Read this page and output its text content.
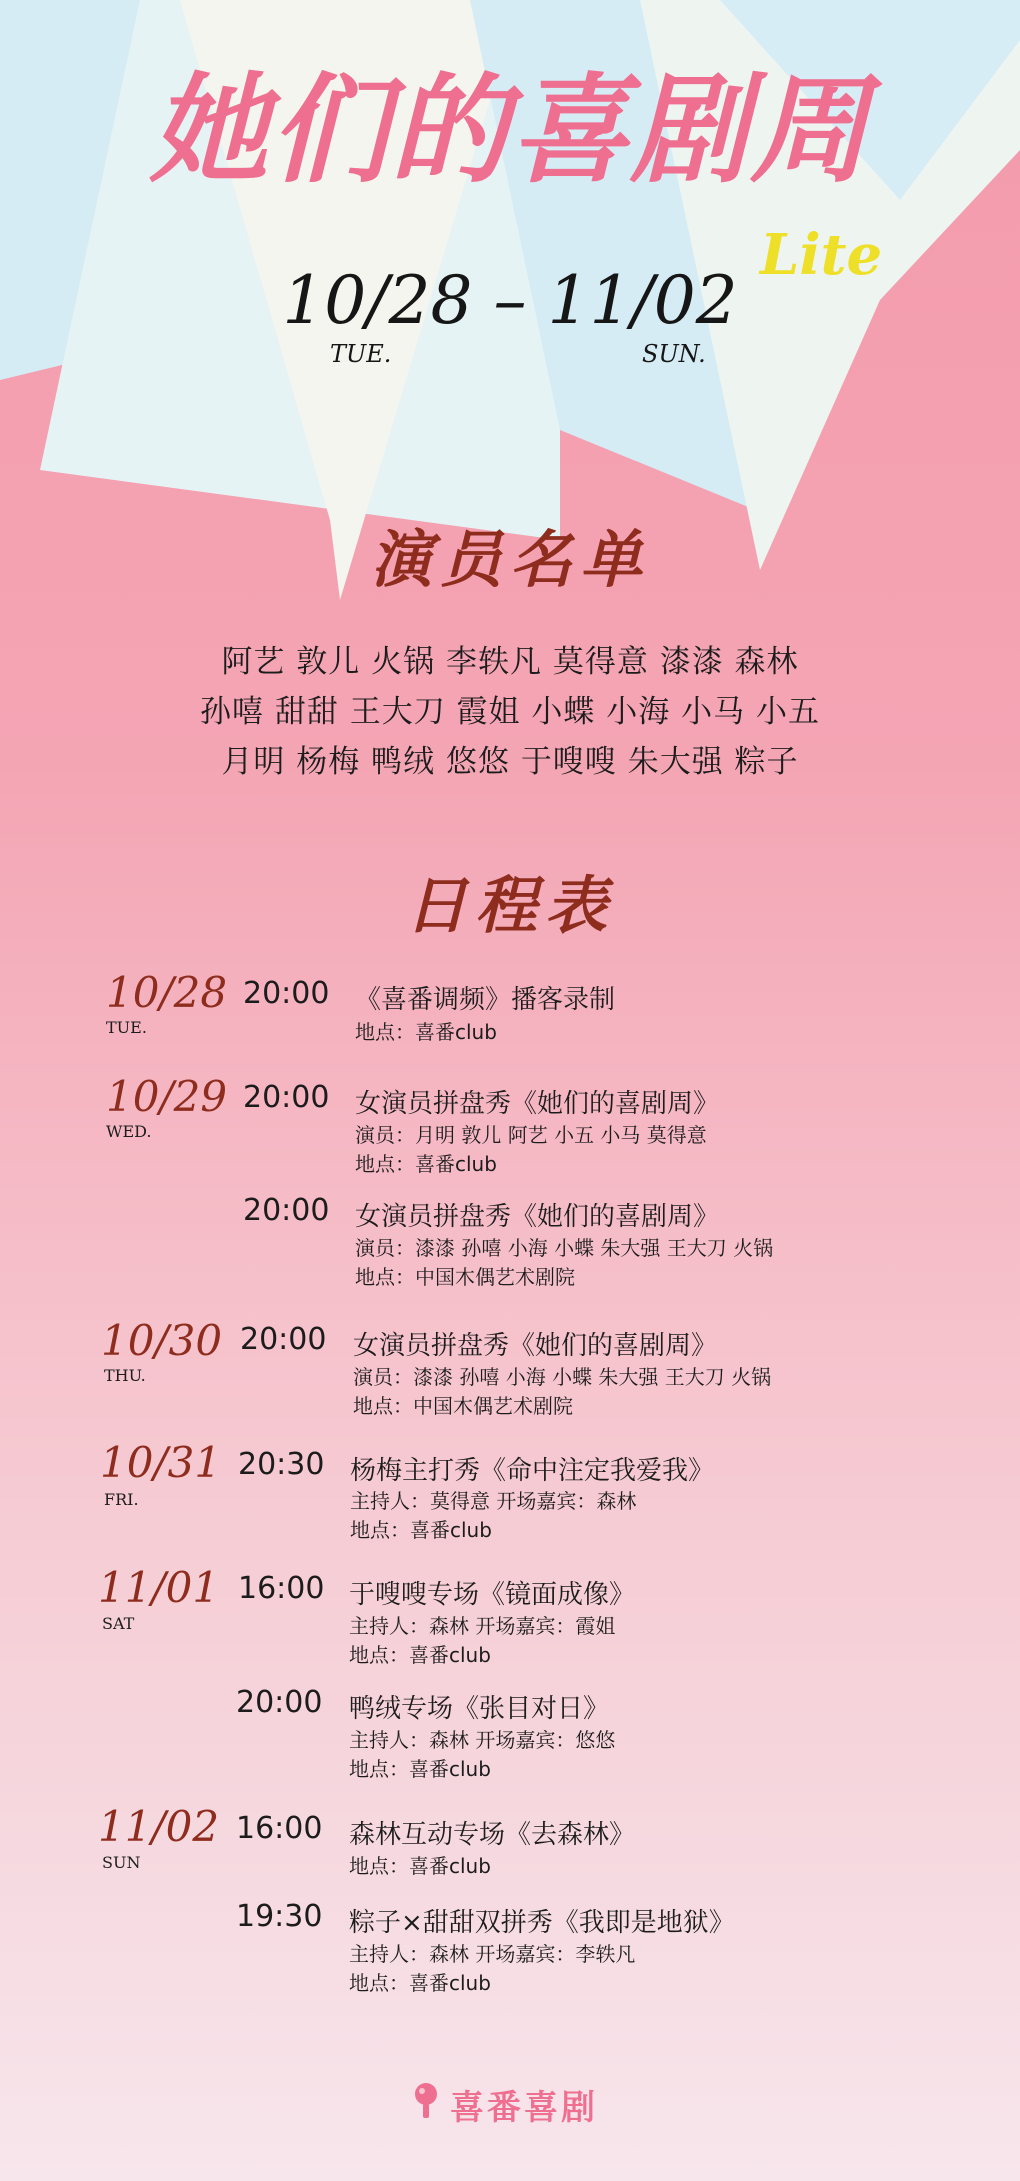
她们的喜剧周
Lite
10/28 – 11/02
TUE.	SUN.
演员名单
阿艺 敦儿 火锅 李轶凡 莫得意 漆漆 森林
孙嘻 甜甜 王大刀 霞姐 小蝶 小海 小马 小五
月明 杨梅 鸭绒 悠悠 于嗖嗖 朱大强 粽子
日程表
10/28
TUE.
20:00 《喜番调频》播客录制
地点：喜番club
10/29
WED.
20:00 女演员拼盘秀《她们的喜剧周》
演员：月明 敦儿 阿艺 小五 小马 莫得意
地点：喜番club
20:00 女演员拼盘秀《她们的喜剧周》
演员：漆漆 孙嘻 小海 小蝶 朱大强 王大刀 火锅
地点：中国木偶艺术剧院
10/30
THU.
20:00 女演员拼盘秀《她们的喜剧周》
演员：漆漆 孙嘻 小海 小蝶 朱大强 王大刀 火锅
地点：中国木偶艺术剧院
10/31
FRI.
20:30 杨梅主打秀《命中注定我爱我》
主持人：莫得意 开场嘉宾：森林
地点：喜番club
11/01
SAT
16:00 于嗖嗖专场《镜面成像》
主持人：森林 开场嘉宾：霞姐
地点：喜番club
20:00 鸭绒专场《张目对日》
主持人：森林 开场嘉宾：悠悠
地点：喜番club
11/02
SUN
16:00 森林互动专场《去森林》
地点：喜番club
19:30 粽子×甜甜双拼秀《我即是地狱》
主持人：森林 开场嘉宾：李轶凡
地点：喜番club
喜番喜剧
